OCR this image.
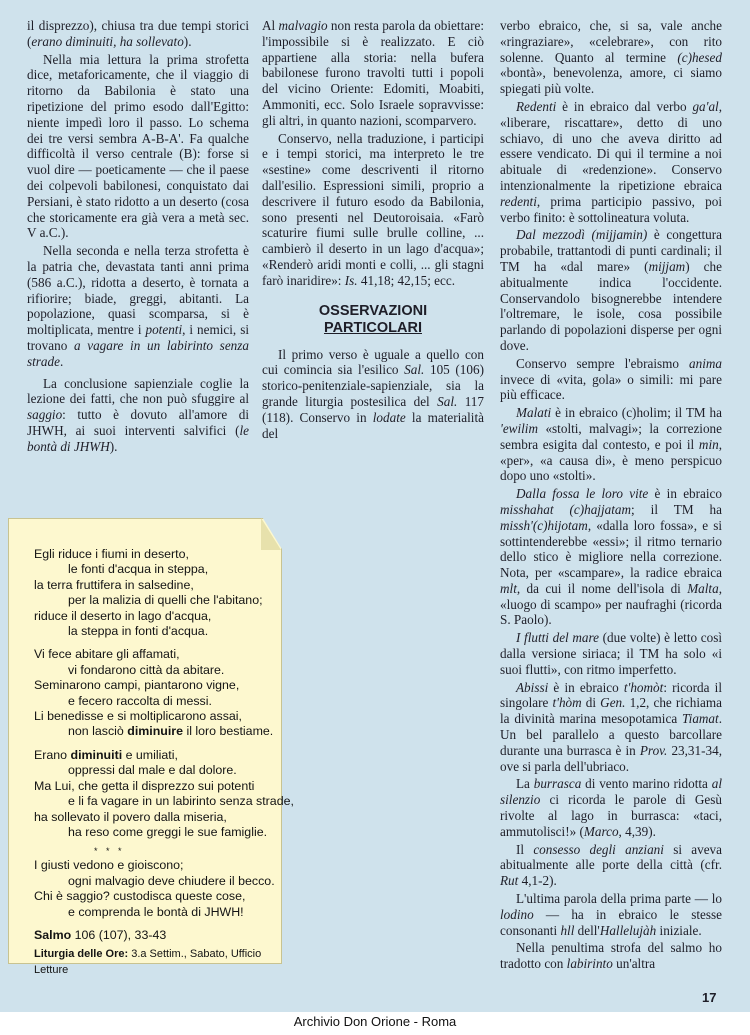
il disprezzo), chiusa tra due tempi storici (erano diminuiti, ha sollevato).

Nella mia lettura la prima strofetta dice, metaforicamente, che il viaggio di ritorno da Babilonia è stato una ripetizione del primo esodo dall'Egitto: niente impedì loro il passo. Lo schema dei tre versi sembra A-B-A'. Fa qualche difficoltà il verso centrale (B): forse si vuol dire — poeticamente — che il paese dei colpevoli babilonesi, conquistato dai Persiani, è stato ridotto a un deserto (cosa che storicamente era già vera a metà sec. V a.C.).

Nella seconda e nella terza strofetta è la patria che, devastata tanti anni prima (586 a.C.), ridotta a deserto, è tornata a rifiorire; biade, greggi, abitanti. La popolazione, quasi scomparsa, si è moltiplicata, mentre i potenti, i nemici, si trovano a vagare in un labirinto senza strade.

La conclusione sapienziale coglie la lezione dei fatti, che non può sfuggire al saggio: tutto è dovuto all'amore di JHWH, ai suoi interventi salvifici (le bontà di JHWH).

Al malvagio non resta parola da obiettare: l'impossibile si è realizzato. E ciò appartiene alla storia: nella bufera babilonese furono travolti tutti i popoli del vicino Oriente: Edomiti, Moabiti, Ammoniti, ecc. Solo Israele sopravvisse: gli altri, in quanto nazioni, scomparvero.

Conservo, nella traduzione, i participi e i tempi storici, ma interpreto le tre «sestine» come descriventi il ritorno dall'esilio. Espressioni simili, proprio a descrivere il futuro esodo da Babilonia, sono presenti nel Deutoroisaia. «Farò scaturire fiumi sulle brulle colline, ... cambierò il deserto in un lago d'acqua»; «Renderò aridi monti e colli, ... gli stagni farò inaridire»: Is. 41,18; 42,15; ecc.

OSSERVAZIONI
PARTICOLARI

Il primo verso è uguale a quello con cui comincia sia l'esilico Sal. 105 (106) storico-penitenziale-sapienziale, sia la grande liturgia postesilica del Sal. 117 (118). Conservo in lodate la materialità del

verbo ebraico, che, si sa, vale anche «ringraziare», «celebrare», con rito solenne. Quanto al termine (c)hesed «bontà», benevolenza, amore, ci siamo spiegati più volte.

Redenti è in ebraico dal verbo ga'al, «liberare, riscattare», detto di uno schiavo, di uno che aveva diritto ad essere vendicato. Di qui il termine a noi abituale di «redenzione». Conservo intenzionalmente la ripetizione ebraica redenti, prima participio passivo, poi verbo finito: è sottolineatura voluta.

Dal mezzodì (mijjamin) è congettura probabile, trattantodi di punti cardinali; il TM ha «dal mare» (mijjam) che abitualmente indica l'occidente. Conservandolo bisognerebbe intendere l'oltremare, le isole, cosa possibile parlando di popolazioni disperse per ogni dove.

Conservo sempre l'ebraismo anima invece di «vita, gola» o simili: mi pare più efficace.

Malati è in ebraico (c)holim; il TM ha 'ewilim «stolti, malvagi»; la correzione sembra esigita dal contesto, e poi il min, «per», «a causa di», è meno perspicuo dopo uno «stolti».

Dalla fossa le loro vite è in ebraico misshahat (c)hajjatam; il TM ha missh'(c)hijotam, «dalla loro fossa», e si sottintenderebbe «essi»; il ritmo ternario dello stico è migliore nella correzione. Nota, per «scampare», la radice ebraica mlt, da cui il nome dell'isola di Malta, «luogo di scampo» per naufraghi (ricorda S. Paolo).

I flutti del mare (due volte) è letto così dalla versione siriaca; il TM ha solo «i suoi flutti», con ritmo imperfetto.

Abissi è in ebraico t'homòt: ricorda il singolare t'hòm di Gen. 1,2, che richiama la divinità marina mesopotamica Tiamat. Un bel parallelo a questo barcollare durante una burrasca è in Prov. 23,31-34, ove si parla dell'ubriaco.

La burrasca di vento marino ridotta al silenzio ci ricorda le parole di Gesù rivolte al lago in burrasca: «taci, ammutolisci!» (Marco, 4,39).

Il consesso degli anziani si aveva abitualmente alle porte della città (cfr. Rut 4,1-2).

L'ultima parola della prima parte — lo lodino — ha in ebraico le stesse consonanti hll dell'Hallelujàh iniziale.

Nella penultima strofa del salmo ho tradotto con labirinto un'altra

Egli riduce i fiumi in deserto,
le fonti d'acqua in steppa,
la terra fruttifera in salsedine,
per la malizia di quelli che l'abitano;
riduce il deserto in lago d'acqua,
la steppa in fonti d'acqua.
Vi fece abitare gli affamati,
vi fondarono città da abitare.
Seminarono campi, piantarono vigne,
e fecero raccolta di messi.
Li benedisse e si moltiplicarono assai,
non lasciò diminuire il loro bestiame.
Erano diminuiti e umiliati,
oppressi dal male e dal dolore.
Ma Lui, che getta il disprezzo sui potenti
e li fa vagare in un labirinto senza strade,
ha sollevato il povero dalla miseria,
ha reso come greggi le sue famiglie.
* * *
I giusti vedono e gioiscono;
ogni malvagio deve chiudere il becco.
Chi è saggio? custodisca queste cose,
e comprenda le bontà di JHWH!
Salmo 106 (107), 33-43
Liturgia delle Ore: 3.a Settim., Sabato, Ufficio Letture
17
Archivio Don Orione - Roma
